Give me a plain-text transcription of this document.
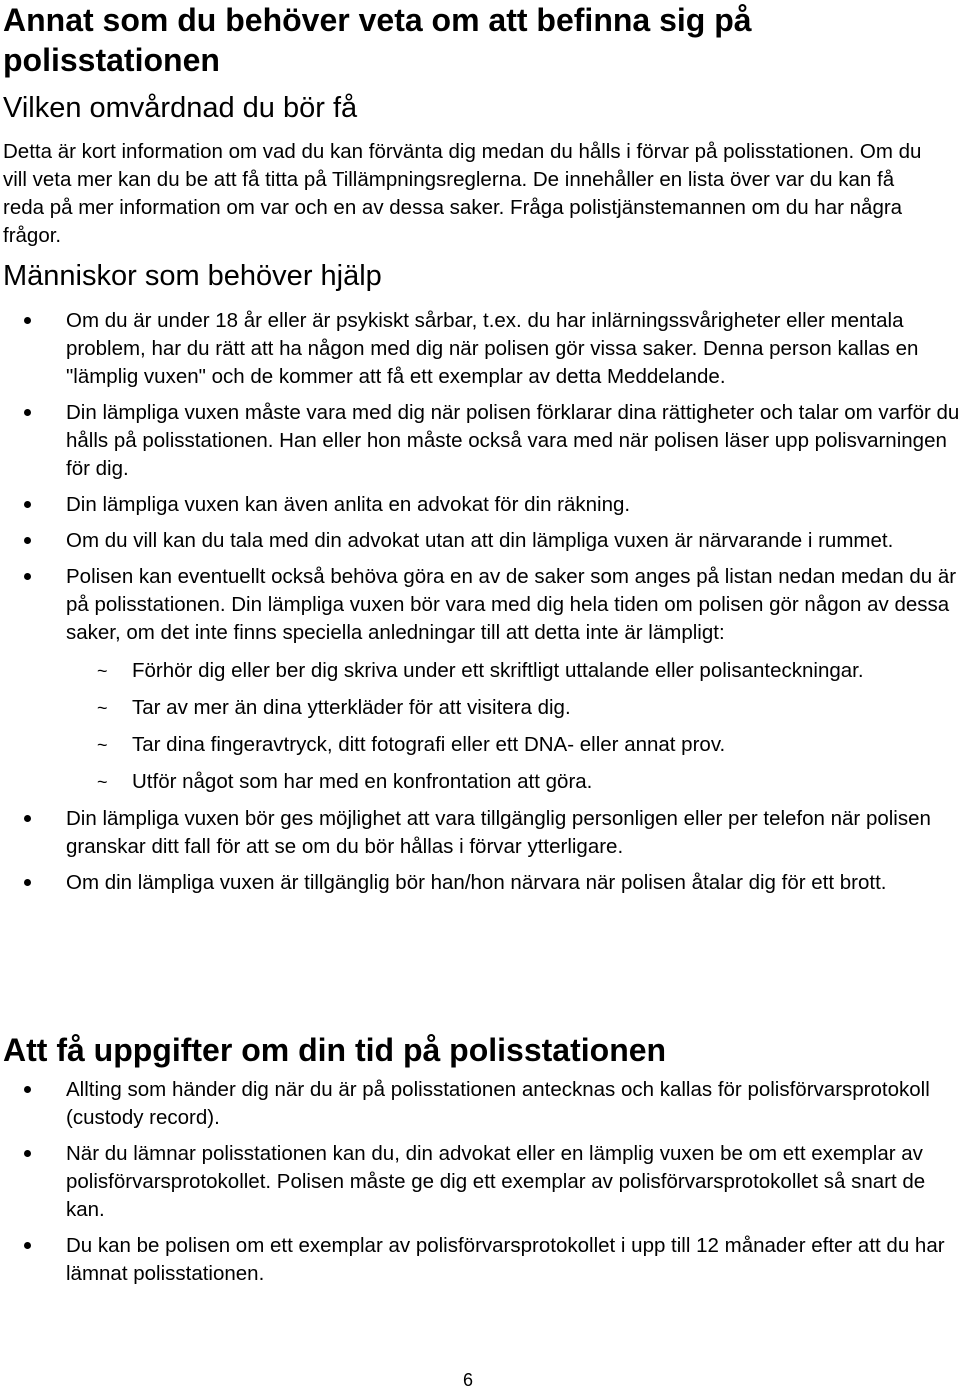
Annat som du behöver veta om att befinna sig på polisstationen
Vilken omvårdnad du bör få

Detta är kort information om vad du kan förvänta dig medan du hålls i förvar på polisstationen. Om du vill veta mer kan du be att få titta på Tillämpningsreglerna. De innehåller en lista över var du kan få reda på mer information om var och en av dessa saker. Fråga polistjänstemannen om du har några frågor.

Människor som behöver hjälp
Om du är under 18 år eller är psykiskt sårbar, t.ex. du har inlärningssvårigheter eller mentala problem, har du rätt att ha någon med dig när polisen gör vissa saker. Denna person kallas en "lämplig vuxen" och de kommer att få ett exemplar av detta Meddelande.
Din lämpliga vuxen måste vara med dig när polisen förklarar dina rättigheter och talar om varför du hålls på polisstationen. Han eller hon måste också vara med när polisen läser upp polisvarningen för dig.
Din lämpliga vuxen kan även anlita en advokat för din räkning.
Om du vill kan du tala med din advokat utan att din lämpliga vuxen är närvarande i rummet.
Polisen kan eventuellt också behöva göra en av de saker som anges på listan nedan medan du är på polisstationen. Din lämpliga vuxen bör vara med dig hela tiden om polisen gör någon av dessa saker, om det inte finns speciella anledningar till att detta inte är lämpligt:
~ Förhör dig eller ber dig skriva under ett skriftligt uttalande eller polisanteckningar.
~ Tar av mer än dina ytterkläder för att visitera dig.
~ Tar dina fingeravtryck, ditt fotografi eller ett DNA- eller annat prov.
~ Utför något som har med en konfrontation att göra.
Din lämpliga vuxen bör ges möjlighet att vara tillgänglig personligen eller per telefon när polisen granskar ditt fall för att se om du bör hållas i förvar ytterligare.
Om din lämpliga vuxen är tillgänglig bör han/hon närvara när polisen åtalar dig för ett brott.
Att få uppgifter om din tid på polisstationen
Allting som händer dig när du är på polisstationen antecknas och kallas för polisförvarsprotokoll (custody record).
När du lämnar polisstationen kan du, din advokat eller en lämplig vuxen be om ett exemplar av polisförvarsprotokollet. Polisen måste ge dig ett exemplar av polisförvarsprotokollet så snart de kan.
Du kan be polisen om ett exemplar av polisförvarsprotokollet i upp till 12 månader efter att du har lämnat polisstationen.
6
